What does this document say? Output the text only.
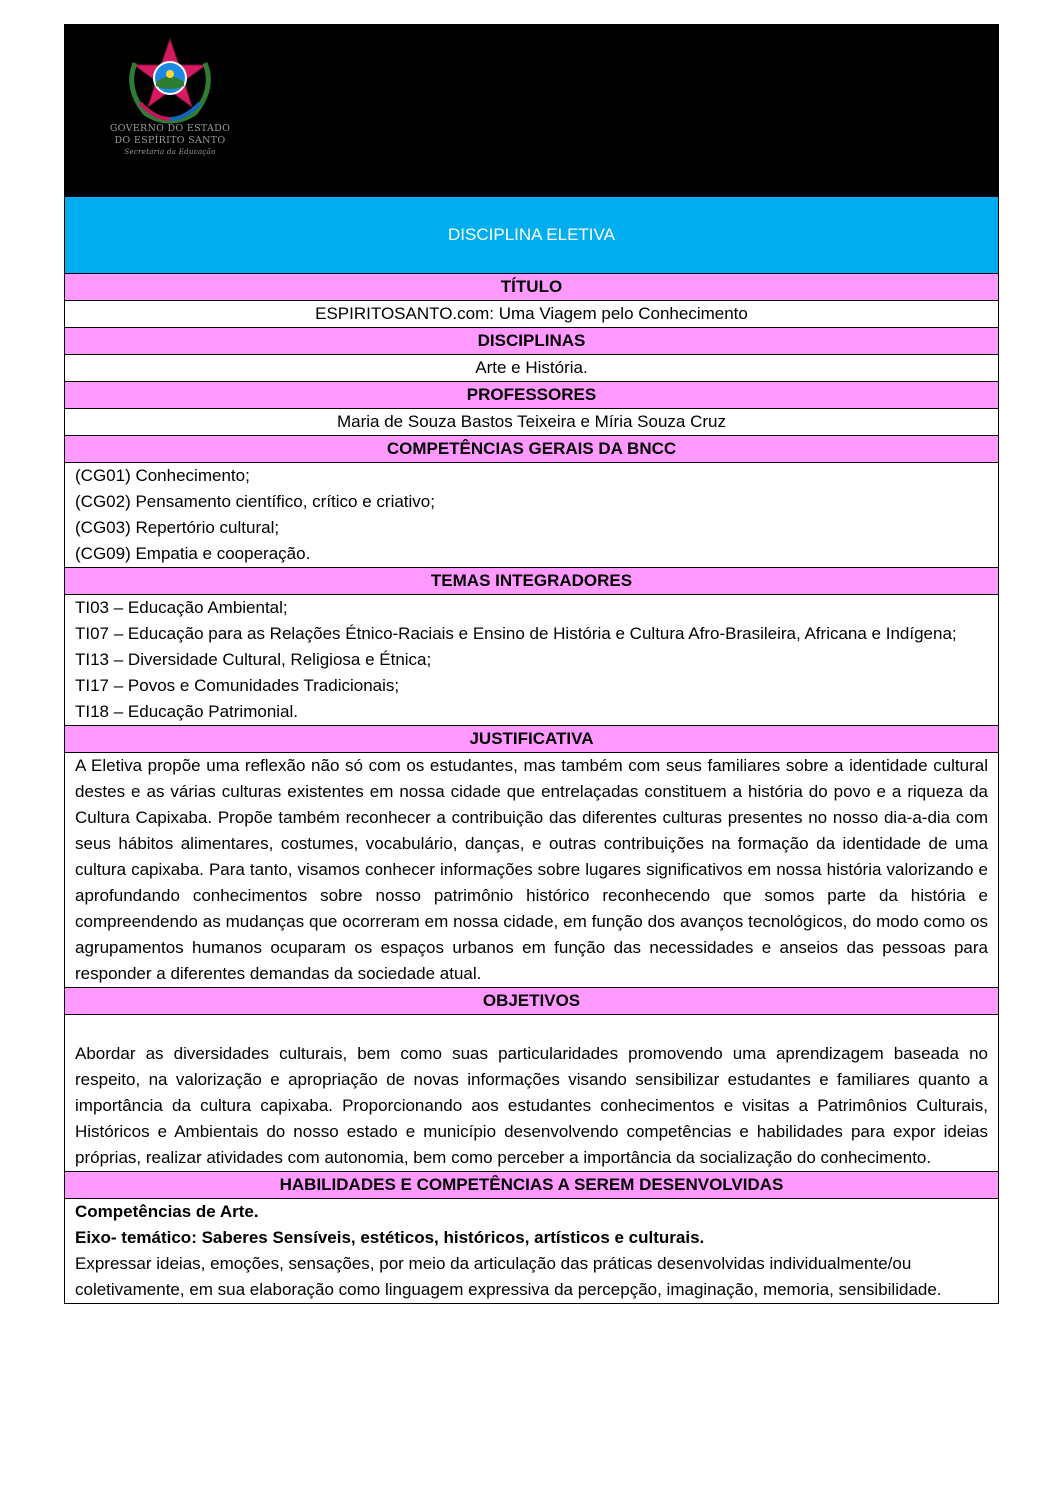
GOVERNO DO ESTADO
DO ESPÍRITO SANTO
Secretaria da Educação
DISCIPLINA ELETIVA
TÍTULO
ESPIRITOSANTO.com: Uma Viagem pelo Conhecimento
DISCIPLINAS
Arte e História.
PROFESSORES
Maria de Souza Bastos Teixeira e Míria Souza Cruz
COMPETÊNCIAS GERAIS DA BNCC
(CG01) Conhecimento;
(CG02) Pensamento científico, crítico e criativo;
(CG03) Repertório cultural;
(CG09) Empatia e cooperação.
TEMAS INTEGRADORES
TI03 – Educação Ambiental;
TI07 – Educação para as Relações Étnico-Raciais e Ensino de História e Cultura Afro-Brasileira, Africana e Indígena;
TI13 – Diversidade Cultural, Religiosa e Étnica;
TI17 – Povos e Comunidades Tradicionais;
TI18 – Educação Patrimonial.
JUSTIFICATIVA
A Eletiva propõe uma reflexão não só com os estudantes, mas também com seus familiares sobre a identidade cultural destes e as várias culturas existentes em nossa cidade que entrelaçadas constituem a história do povo e a riqueza da Cultura Capixaba. Propõe também reconhecer a contribuição das diferentes culturas presentes no nosso dia-a-dia com seus hábitos alimentares, costumes, vocabulário, danças, e outras contribuições na formação da identidade de uma cultura capixaba. Para tanto, visamos conhecer informações sobre lugares significativos em nossa história valorizando e aprofundando conhecimentos sobre nosso patrimônio histórico reconhecendo que somos parte da história e compreendendo as mudanças que ocorreram em nossa cidade, em função dos avanços tecnológicos, do modo como os agrupamentos humanos ocuparam os espaços urbanos em função das necessidades e anseios das pessoas para responder a diferentes demandas da sociedade atual.
OBJETIVOS
Abordar as diversidades culturais, bem como suas particularidades promovendo uma aprendizagem baseada no respeito, na valorização e apropriação de novas informações visando sensibilizar estudantes e familiares quanto a importância da cultura capixaba. Proporcionando aos estudantes conhecimentos e visitas a Patrimônios Culturais, Históricos e Ambientais do nosso estado e município desenvolvendo competências e habilidades para expor ideias próprias, realizar atividades com autonomia, bem como perceber a importância da socialização do conhecimento.
HABILIDADES E COMPETÊNCIAS A SEREM DESENVOLVIDAS
Competências de Arte.
Eixo- temático: Saberes Sensíveis, estéticos, históricos, artísticos e culturais.
Expressar ideias, emoções, sensações, por meio da articulação das práticas desenvolvidas individualmente/ou coletivamente, em sua elaboração como linguagem expressiva da percepção, imaginação, memoria, sensibilidade.
